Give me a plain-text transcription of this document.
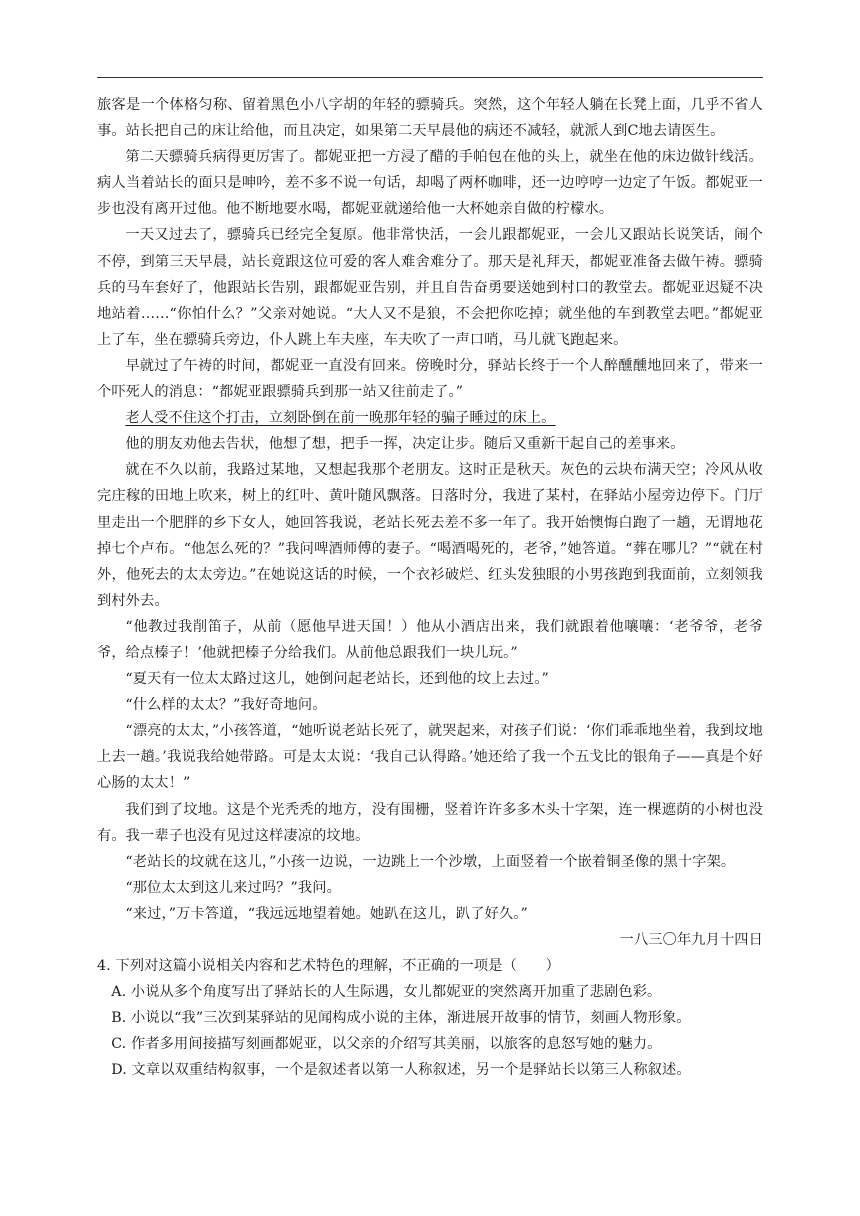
旅客是一个体格匀称、留着黑色小八字胡的年轻的骠骑兵。突然，这个年轻人躺在长凳上面，几乎不省人事。站长把自己的床让给他，而且决定，如果第二天早晨他的病还不减轻，就派人到C地去请医生。

第二天骠骑兵病得更厉害了。都妮亚把一方浸了醋的手帕包在他的头上，就坐在他的床边做针线活。病人当着站长的面只是呻吟，差不多不说一句话，却喝了两杯咖啡，还一边哼哼一边定了午饭。都妮亚一步也没有离开过他。他不断地要水喝，都妮亚就递给他一大杯她亲自做的柠檬水。

一天又过去了，骠骑兵已经完全复原。他非常快活，一会儿跟都妮亚，一会儿又跟站长说笑话，闹个不停，到第三天早晨，站长竟跟这位可爱的客人难舍难分了。那天是礼拜天，都妮亚准备去做午祷。骠骑兵的马车套好了，他跟站长告别，跟都妮亚告别，并且自告奋勇要送她到村口的教堂去。都妮亚迟疑不决地站着……“你怕什么？”父亲对她说。“大人又不是狼，不会把你吃掉；就坐他的车到教堂去吧。”都妮亚上了车，坐在骠骑兵旁边，仆人跳上车夫座，车夫吹了一声口哨，马儿就飞跑起来。

早就过了午祷的时间，都妮亚一直没有回来。傍晚时分，驿站长终于一个人醉醺醺地回来了，带来一个吓死人的消息：“都妮亚跟骠骑兵到那一站又往前走了。”

老人受不住这个打击，立刻卧倒在前一晚那年轻的骗子睡过的床上。

他的朋友劝他去告状，他想了想，把手一挥，决定让步。随后又重新干起自己的差事来。

就在不久以前，我路过某地，又想起我那个老朋友。这时正是秋天。灰色的云块布满天空；冷风从收完庄稼的田地上吹来，树上的红叶、黄叶随风飘落。日落时分，我进了某村，在驿站小屋旁边停下。门厅里走出一个肥胖的乡下女人，她回答我说，老站长死去差不多一年了。我开始懊悔白跑了一趟，无谓地花掉七个卢布。“他怎么死的？”我问啤酒师傅的妻子。“喝酒喝死的，老爷，”她答道。“葬在哪儿？”“就在村外，他死去的太太旁边。”在她说这话的时候，一个衣衫破烂、红头发独眼的小男孩跑到我面前，立刻领我到村外去。

“他教过我削笛子，从前（愿他早进天国！）他从小酒店出来，我们就跟着他嚷嚷：‘老爷爷，老爷爷，给点榛子！’他就把榛子分给我们。从前他总跟我们一块儿玩。”

“夏天有一位太太路过这儿，她倒问起老站长，还到他的坟上去过。”

“什么样的太太？”我好奇地问。

“漂亮的太太，”小孩答道，“她听说老站长死了，就哭起来，对孩子们说：‘你们乖乖地坐着，我到坟地上去一趟。’我说我给她带路。可是太太说：‘我自己认得路。’她还给了我一个五戈比的银角子——真是个好心肠的太太！”

我们到了坟地。这是个光秃秃的地方，没有围栅，竖着许许多多木头十字架，连一棵遮荫的小树也没有。我一辈子也没有见过这样凄凉的坟地。

“老站长的坟就在这儿，”小孩一边说，一边跳上一个沙墩，上面竖着一个嵌着铜圣像的黑十字架。

“那位太太到这儿来过吗？”我问。

“来过，”万卡答道，“我远远地望着她。她趴在这儿，趴了好久。”

一八三〇年九月十四日

4. 下列对这篇小说相关内容和艺术特色的理解，不正确的一项是（　　）

A. 小说从多个角度写出了驿站长的人生际遇，女儿都妮亚的突然离开加重了悲剧色彩。

B. 小说以“我”三次到某驿站的见闻构成小说的主体，渐进展开故事的情节，刻画人物形象。

C. 作者多用间接描写刻画都妮亚，以父亲的介绍写其美丽，以旅客的息怒写她的魅力。

D. 文章以双重结构叙事，一个是叙述者以第一人称叙述，另一个是驿站长以第三人称叙述。
